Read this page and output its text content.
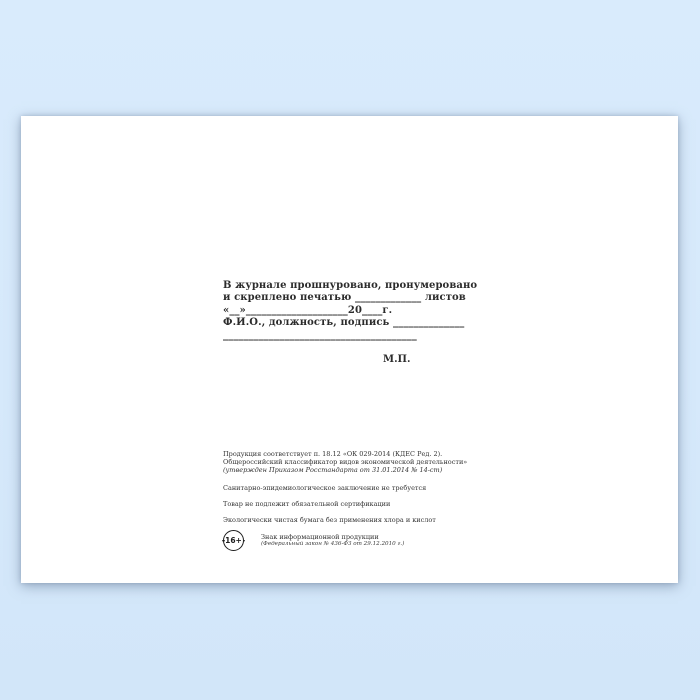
В журнале прошнуровано, пронумеровано
и скреплено печатью _____________ листов
«__»____________________20____г.
Ф.И.О., должность, подпись ______________
______________________________________
М.П.
Продукция соответствует п. 18.12 «ОК 029-2014 (КДЕС Ред. 2).
Общероссийский классификатор видов экономической деятельности»
(утвержден Приказом Росстандарта от 31.01.2014 № 14-ст)
Санитарно-эпидемиологическое заключение не требуется
Товар не подлежит обязательной сертификации
Экологически чистая бумага без применения хлора и кислот
16+	Знак информационной продукции
(Федеральный закон № 436-ФЗ от 29.12.2010 г.)
